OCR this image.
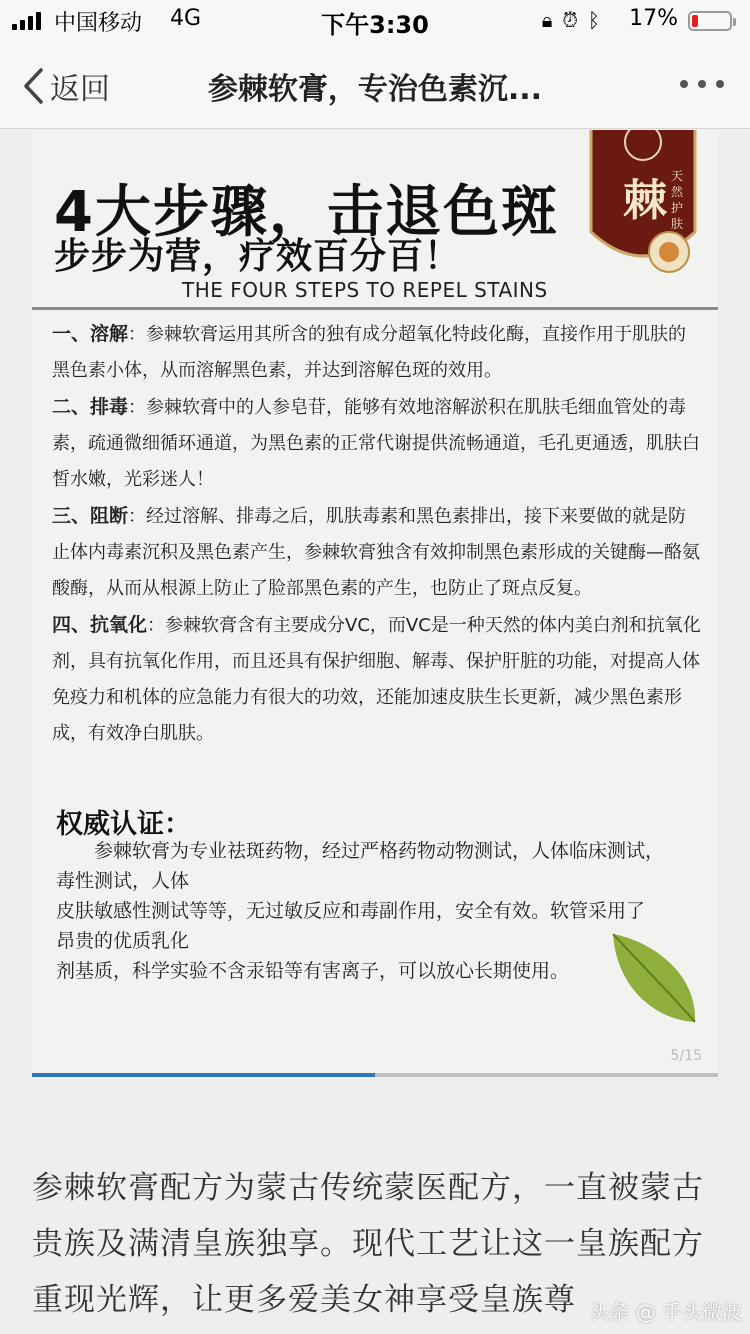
中国移动 4G	下午3:30	🔒︎ ⏰︎ ᛒ 17%
返回	参棘软膏，专治色素沉...
棘 天
然
护
肤
4大步骤，击退色斑
步步为营，疗效百分百！
THE FOUR STEPS TO REPEL STAINS

一、溶解：参棘软膏运用其所含的独有成分超氧化特歧化酶，直接作用于肌肤的黑色素小体，从而溶解黑色素，并达到溶解色斑的效用。

二、排毒：参棘软膏中的人参皂苷，能够有效地溶解淤积在肌肤毛细血管处的毒素，疏通微细循环通道，为黑色素的正常代谢提供流畅通道，毛孔更通透，肌肤白皙水嫩，光彩迷人！

三、阻断：经过溶解、排毒之后，肌肤毒素和黑色素排出，接下来要做的就是防止体内毒素沉积及黑色素产生，参棘软膏独含有效抑制黑色素形成的关键酶—酪氨酸酶，从而从根源上防止了脸部黑色素的产生，也防止了斑点反复。

四、抗氧化：参棘软膏含有主要成分VC，而VC是一种天然的体内美白剂和抗氧化剂，具有抗氧化作用，而且还具有保护细胞、解毒、保护肝脏的功能，对提高人体免疫力和机体的应急能力有很大的功效，还能加速皮肤生长更新，减少黑色素形成，有效净白肌肤。

权威认证：

　　参棘软膏为专业祛斑药物，经过严格药物动物测试，人体临床测试，

毒性测试，人体

皮肤敏感性测试等等，无过敏反应和毒副作用，安全有效。软管采用了

昂贵的优质乳化

剂基质，科学实验不含汞铅等有害离子，可以放心长期使用。

5/15
参棘软膏配方为蒙古传统蒙医配方，一直被蒙古贵族及满清皇族独享。现代工艺让这一皇族配方重现光辉，让更多爱美女神享受皇族尊 头条 @ 手头微波
